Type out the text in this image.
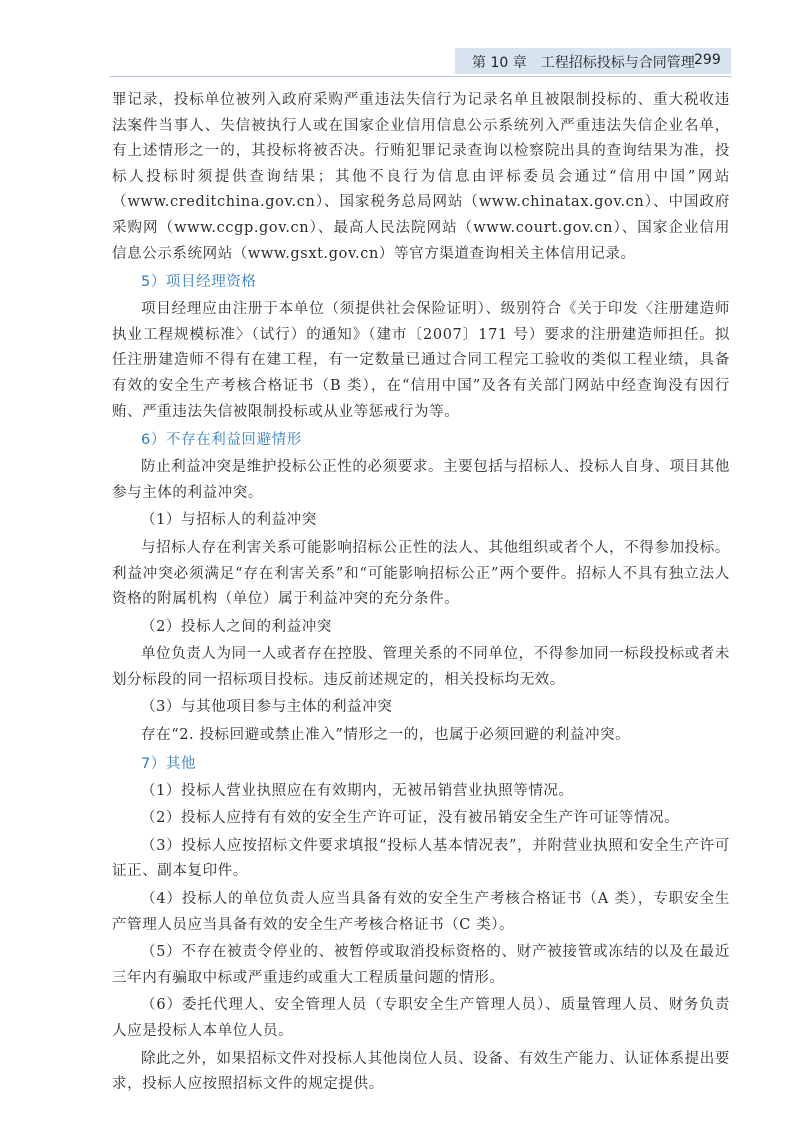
第 10 章　工程招标投标与合同管理 299

罪记录，投标单位被列入政府采购严重违法失信行为记录名单且被限制投标的、重大税收违法案件当事人、失信被执行人或在国家企业信用信息公示系统列入严重违法失信企业名单，有上述情形之一的，其投标将被否决。行贿犯罪记录查询以检察院出具的查询结果为准，投标人投标时须提供查询结果；其他不良行为信息由评标委员会通过“信用中国”网站（www.creditchina.gov.cn）、国家税务总局网站（www.chinatax.gov.cn）、中国政府采购网（www.ccgp.gov.cn）、最高人民法院网站（www.court.gov.cn）、国家企业信用信息公示系统网站（www.gsxt.gov.cn）等官方渠道查询相关主体信用记录。

5）项目经理资格

项目经理应由注册于本单位（须提供社会保险证明）、级别符合《关于印发〈注册建造师执业工程规模标准〉（试行）的通知》（建市〔2007〕171 号）要求的注册建造师担任。拟任注册建造师不得有在建工程，有一定数量已通过合同工程完工验收的类似工程业绩，具备有效的安全生产考核合格证书（B 类），在“信用中国”及各有关部门网站中经查询没有因行贿、严重违法失信被限制投标或从业等惩戒行为等。

6）不存在利益回避情形

防止利益冲突是维护投标公正性的必须要求。主要包括与招标人、投标人自身、项目其他参与主体的利益冲突。

（1）与招标人的利益冲突

与招标人存在利害关系可能影响招标公正性的法人、其他组织或者个人，不得参加投标。利益冲突必须满足“存在利害关系”和“可能影响招标公正”两个要件。招标人不具有独立法人资格的附属机构（单位）属于利益冲突的充分条件。

（2）投标人之间的利益冲突

单位负责人为同一人或者存在控股、管理关系的不同单位，不得参加同一标段投标或者未划分标段的同一招标项目投标。违反前述规定的，相关投标均无效。

（3）与其他项目参与主体的利益冲突

存在“2. 投标回避或禁止准入”情形之一的，也属于必须回避的利益冲突。

7）其他

（1）投标人营业执照应在有效期内，无被吊销营业执照等情况。

（2）投标人应持有有效的安全生产许可证，没有被吊销安全生产许可证等情况。

（3）投标人应按招标文件要求填报“投标人基本情况表”，并附营业执照和安全生产许可证正、副本复印件。

（4）投标人的单位负责人应当具备有效的安全生产考核合格证书（A 类），专职安全生产管理人员应当具备有效的安全生产考核合格证书（C 类）。

（5）不存在被责令停业的、被暂停或取消投标资格的、财产被接管或冻结的以及在最近三年内有骗取中标或严重违约或重大工程质量问题的情形。

（6）委托代理人、安全管理人员（专职安全生产管理人员）、质量管理人员、财务负责人应是投标人本单位人员。

除此之外，如果招标文件对投标人其他岗位人员、设备、有效生产能力、认证体系提出要求，投标人应按照招标文件的规定提供。
